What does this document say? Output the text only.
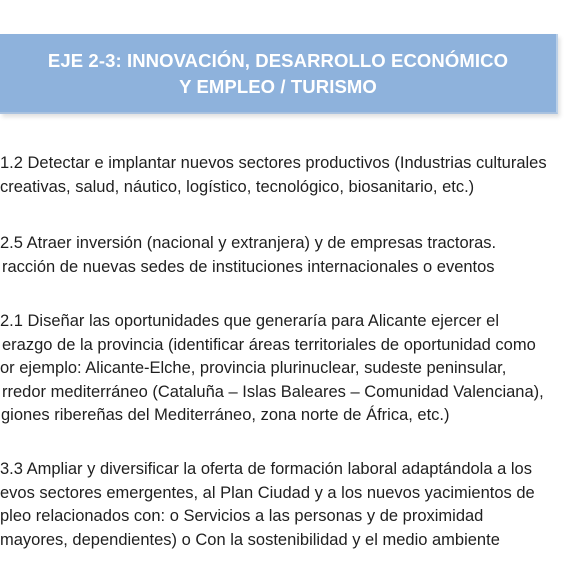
EJE 2-3: INNOVACIÓN, DESARROLLO ECONÓMICO
Y EMPLEO / TURISMO
1.2 Detectar e implantar nuevos sectores productivos (Industrias culturales
creativas, salud, náutico, logístico, tecnológico, biosanitario, etc.)
2.5 Atraer inversión (nacional y extranjera) y de empresas tractoras.
racción de nuevas sedes de instituciones internacionales o eventos
2.1 Diseñar las oportunidades que generaría para Alicante ejercer el
erazgo de la provincia (identificar áreas territoriales de oportunidad como
or ejemplo: Alicante-Elche, provincia plurinuclear, sudeste peninsular,
rredor mediterráneo (Cataluña – Islas Baleares – Comunidad Valenciana),
giones ribereñas del Mediterráneo, zona norte de África, etc.)
3.3 Ampliar y diversificar la oferta de formación laboral adaptándola a los
evos sectores emergentes, al Plan Ciudad y a los nuevos yacimientos de
pleo relacionados con: o Servicios a las personas y de proximidad
mayores, dependientes) o Con la sostenibilidad y el medio ambiente
